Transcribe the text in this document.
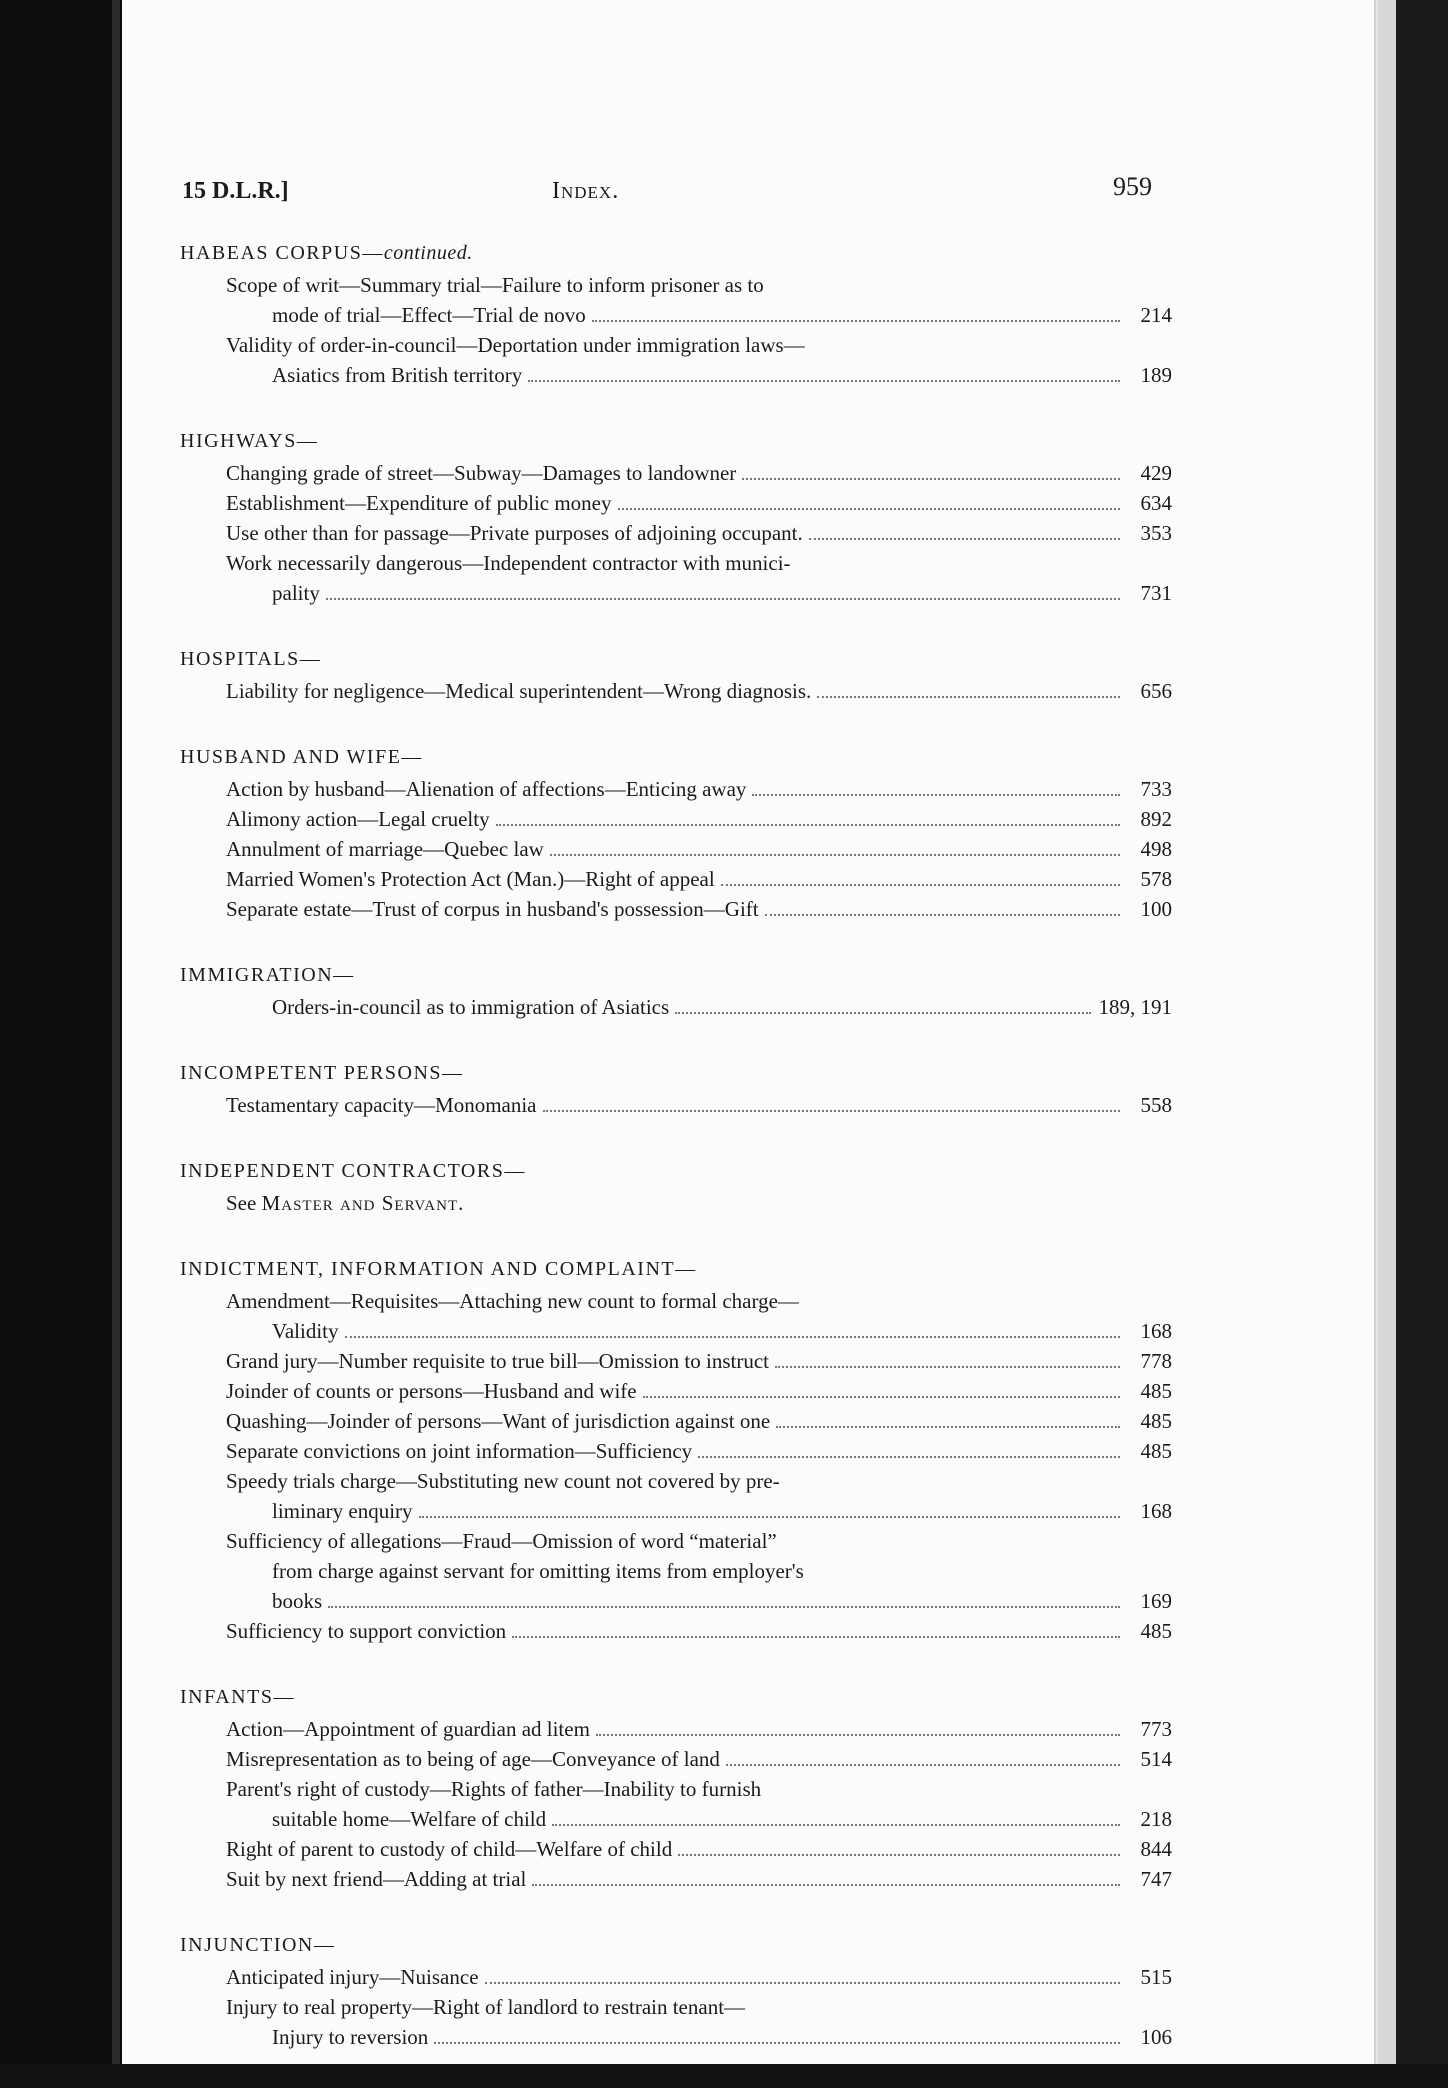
15 D.L.R.]	Index.	959
HABEAS CORPUS—continued.
Scope of writ—Summary trial—Failure to inform prisoner as to
mode of trial—Effect—Trial de novo	214
Validity of order-in-council—Deportation under immigration laws—
Asiatics from British territory	189
HIGHWAYS—
Changing grade of street—Subway—Damages to landowner	429
Establishment—Expenditure of public money	634
Use other than for passage—Private purposes of adjoining occupant.	353
Work necessarily dangerous—Independent contractor with munici-
pality	731
HOSPITALS—
Liability for negligence—Medical superintendent—Wrong diagnosis.	656
HUSBAND AND WIFE—
Action by husband—Alienation of affections—Enticing away	733
Alimony action—Legal cruelty	892
Annulment of marriage—Quebec law	498
Married Women's Protection Act (Man.)—Right of appeal	578
Separate estate—Trust of corpus in husband's possession—Gift	100
IMMIGRATION—
Orders-in-council as to immigration of Asiatics	189, 191
INCOMPETENT PERSONS—
Testamentary capacity—Monomania	558
INDEPENDENT CONTRACTORS—
See Master and Servant.
INDICTMENT, INFORMATION AND COMPLAINT—
Amendment—Requisites—Attaching new count to formal charge—
Validity	168
Grand jury—Number requisite to true bill—Omission to instruct	778
Joinder of counts or persons—Husband and wife	485
Quashing—Joinder of persons—Want of jurisdiction against one	485
Separate convictions on joint information—Sufficiency	485
Speedy trials charge—Substituting new count not covered by pre-
liminary enquiry	168
Sufficiency of allegations—Fraud—Omission of word “material”
from charge against servant for omitting items from employer's
books	169
Sufficiency to support conviction	485
INFANTS—
Action—Appointment of guardian ad litem	773
Misrepresentation as to being of age—Conveyance of land	514
Parent's right of custody—Rights of father—Inability to furnish
suitable home—Welfare of child	218
Right of parent to custody of child—Welfare of child	844
Suit by next friend—Adding at trial	747
INJUNCTION—
Anticipated injury—Nuisance	515
Injury to real property—Right of landlord to restrain tenant—
Injury to reversion	106
